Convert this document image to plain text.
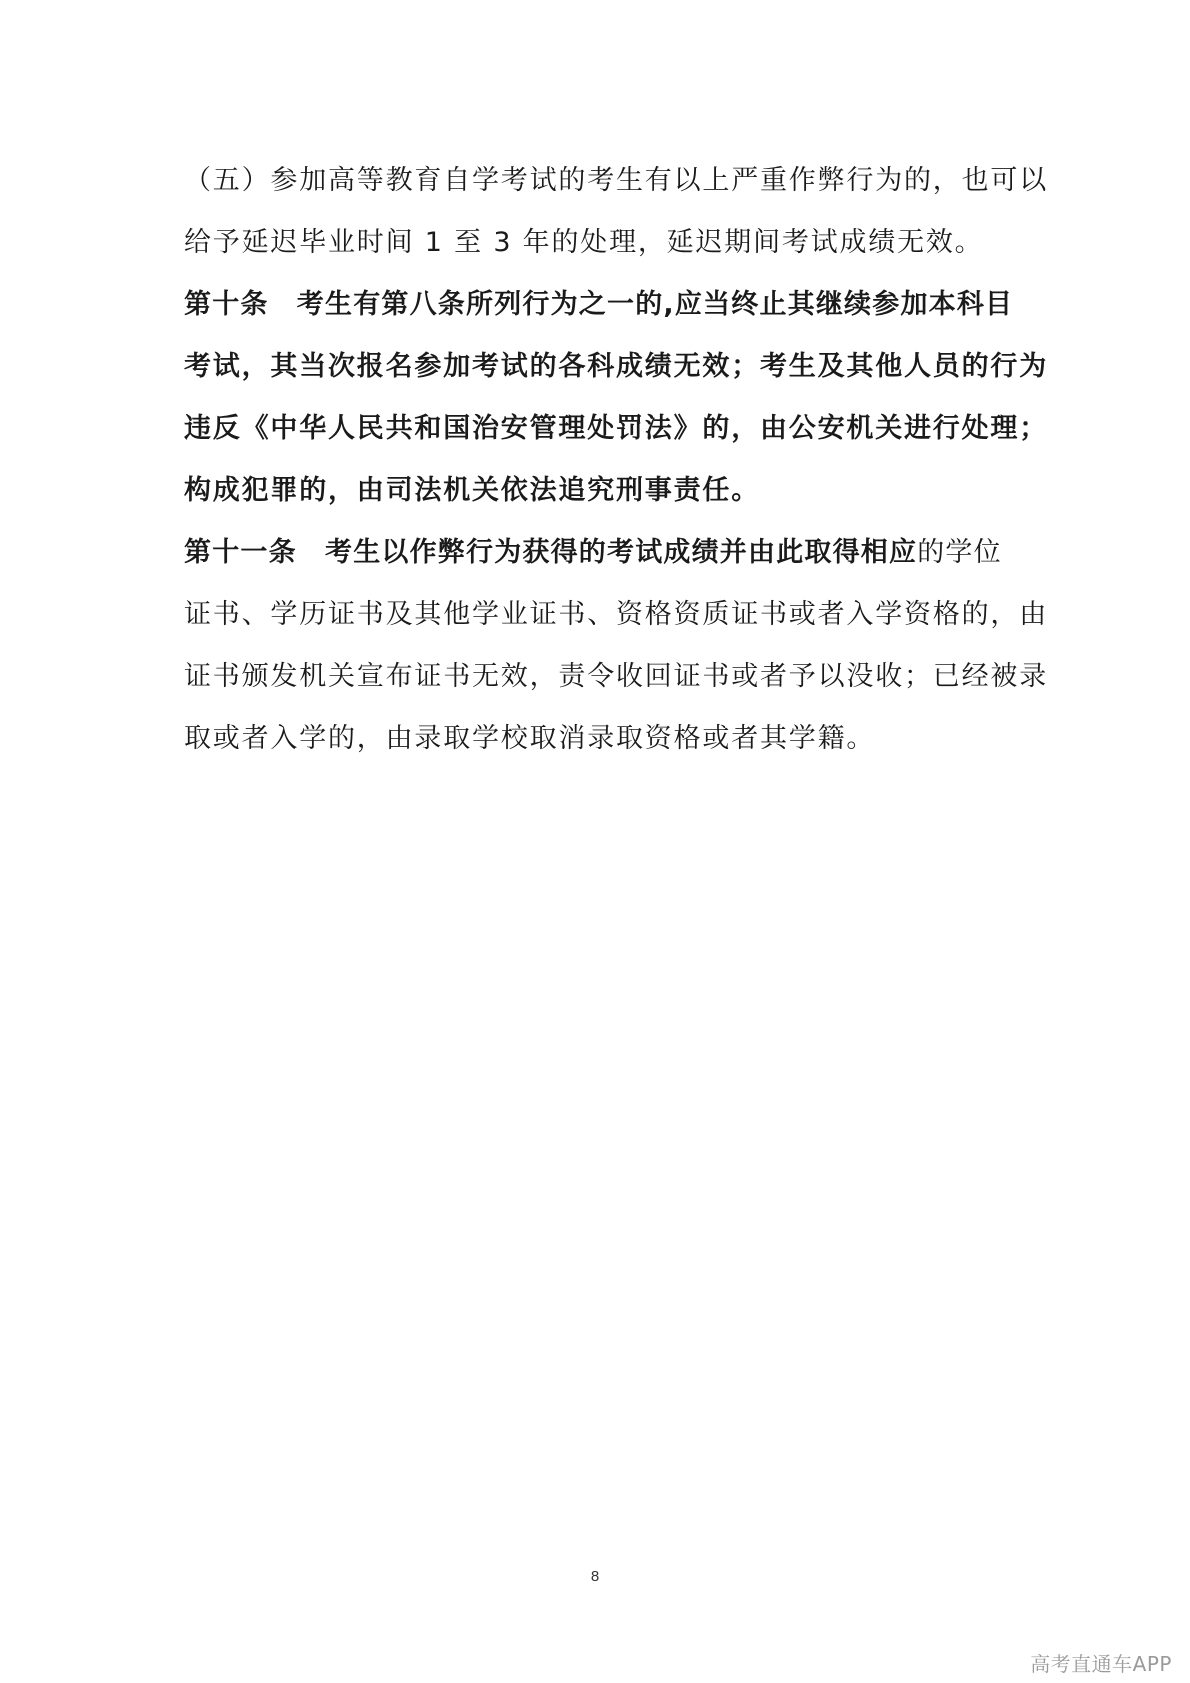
（五）参加高等教育自学考试的考生有以上严重作弊行为的，也可以
给予延迟毕业时间 1 至 3 年的处理，延迟期间考试成绩无效。
第十条　考生有第八条所列行为之一的,应当终止其继续参加本科目
考试，其当次报名参加考试的各科成绩无效；考生及其他人员的行为
违反《中华人民共和国治安管理处罚法》的，由公安机关进行处理；
构成犯罪的，由司法机关依法追究刑事责任。
第十一条　考生以作弊行为获得的考试成绩并由此取得相应的学位
证书、学历证书及其他学业证书、资格资质证书或者入学资格的，由
证书颁发机关宣布证书无效，责令收回证书或者予以没收；已经被录
取或者入学的，由录取学校取消录取资格或者其学籍。
8
高考直通车APP
